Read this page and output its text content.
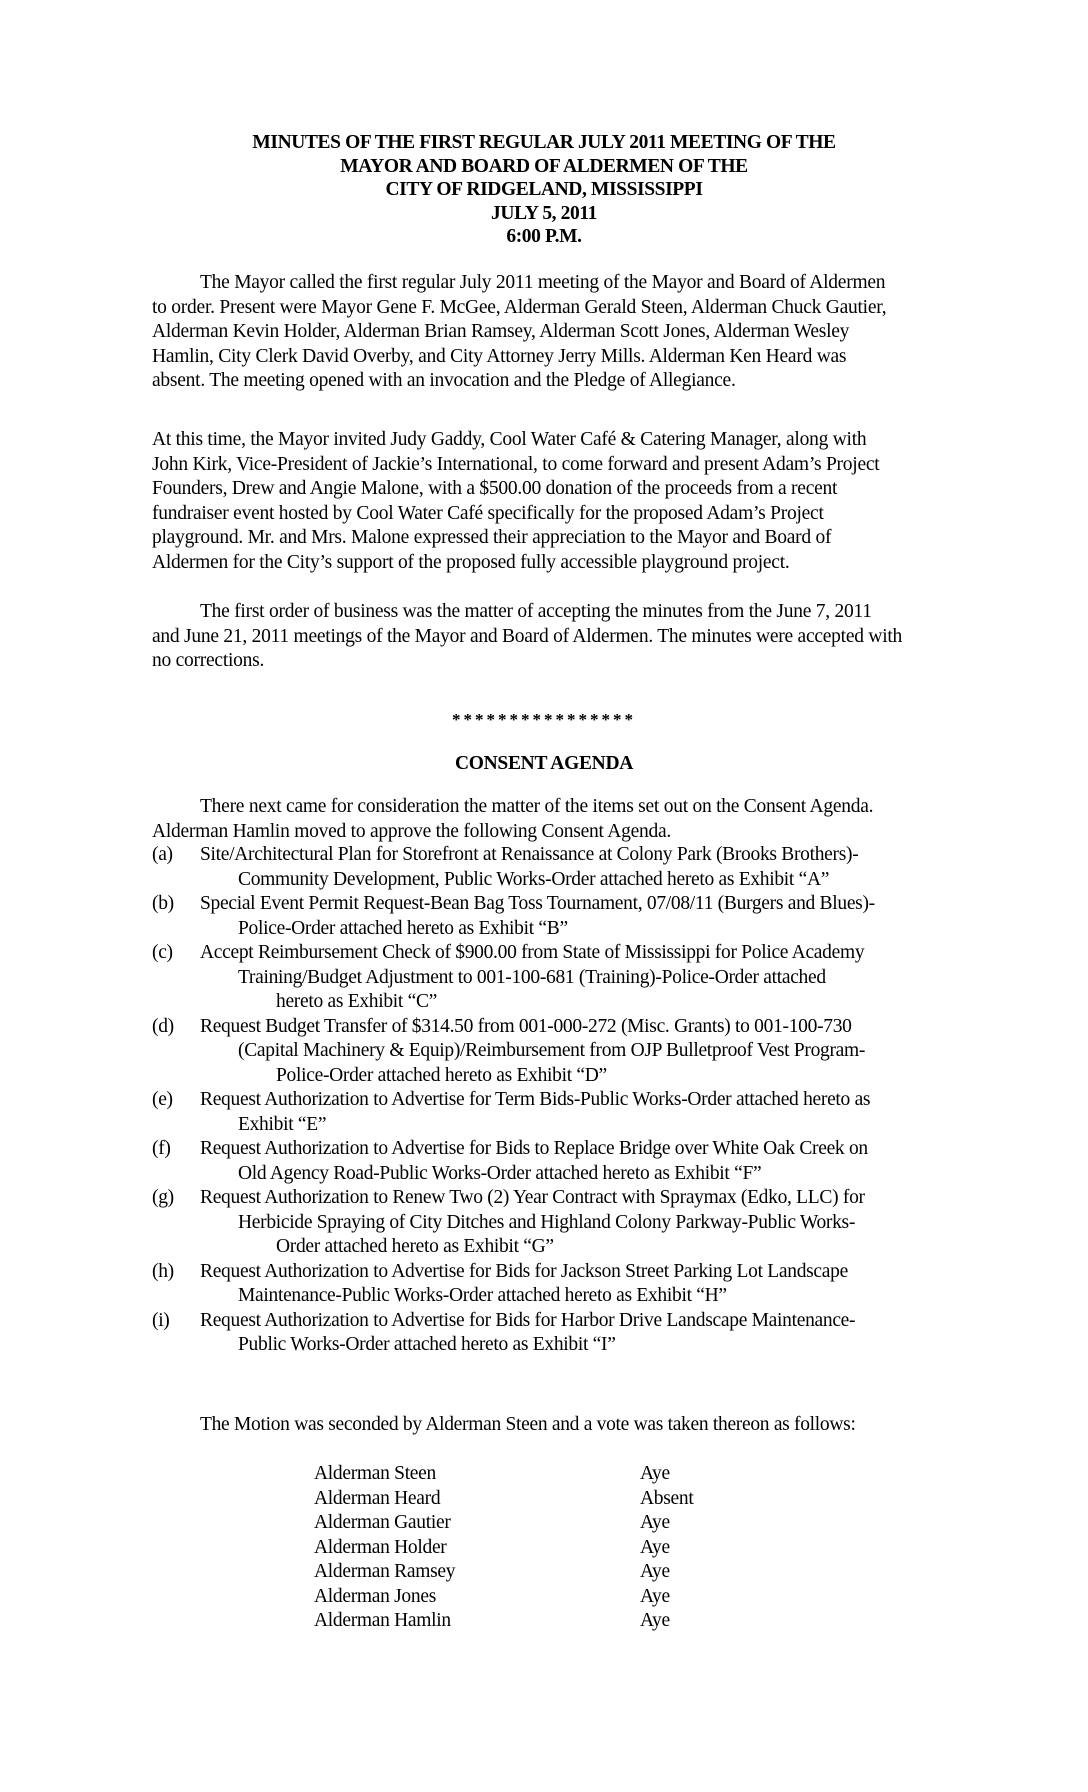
MINUTES OF THE FIRST REGULAR JULY 2011 MEETING OF THE
MAYOR AND BOARD OF ALDERMEN OF THE
CITY OF RIDGELAND, MISSISSIPPI
JULY 5, 2011
6:00 P.M.
The Mayor called the first regular July 2011 meeting of the Mayor and Board of Aldermen
to order. Present were Mayor Gene F. McGee, Alderman Gerald Steen, Alderman Chuck Gautier,
Alderman Kevin Holder, Alderman Brian Ramsey, Alderman Scott Jones, Alderman Wesley
Hamlin, City Clerk David Overby, and City Attorney Jerry Mills. Alderman Ken Heard was
absent. The meeting opened with an invocation and the Pledge of Allegiance.
At this time, the Mayor invited Judy Gaddy, Cool Water Café & Catering Manager, along with
John Kirk, Vice-President of Jackie’s International, to come forward and present Adam’s Project
Founders, Drew and Angie Malone, with a $500.00 donation of the proceeds from a recent
fundraiser event hosted by Cool Water Café specifically for the proposed Adam’s Project
playground. Mr. and Mrs. Malone expressed their appreciation to the Mayor and Board of
Aldermen for the City’s support of the proposed fully accessible playground project.
The first order of business was the matter of accepting the minutes from the June 7, 2011
and June 21, 2011 meetings of the Mayor and Board of Aldermen. The minutes were accepted with
no corrections.
****************
CONSENT AGENDA
There next came for consideration the matter of the items set out on the Consent Agenda.
Alderman Hamlin moved to approve the following Consent Agenda.
(a) Site/Architectural Plan for Storefront at Renaissance at Colony Park (Brooks Brothers)-
Community Development, Public Works-Order attached hereto as Exhibit “A”
(b) Special Event Permit Request-Bean Bag Toss Tournament, 07/08/11 (Burgers and Blues)-
Police-Order attached hereto as Exhibit “B”
(c) Accept Reimbursement Check of $900.00 from State of Mississippi for Police Academy
Training/Budget Adjustment to 001-100-681 (Training)-Police-Order attached
hereto as Exhibit “C”
(d) Request Budget Transfer of $314.50 from 001-000-272 (Misc. Grants) to 001-100-730
(Capital Machinery & Equip)/Reimbursement from OJP Bulletproof Vest Program-
Police-Order attached hereto as Exhibit “D”
(e) Request Authorization to Advertise for Term Bids-Public Works-Order attached hereto as
Exhibit “E”
(f) Request Authorization to Advertise for Bids to Replace Bridge over White Oak Creek on
Old Agency Road-Public Works-Order attached hereto as Exhibit “F”
(g) Request Authorization to Renew Two (2) Year Contract with Spraymax (Edko, LLC) for
Herbicide Spraying of City Ditches and Highland Colony Parkway-Public Works-
Order attached hereto as Exhibit “G”
(h) Request Authorization to Advertise for Bids for Jackson Street Parking Lot Landscape
Maintenance-Public Works-Order attached hereto as Exhibit “H”
(i) Request Authorization to Advertise for Bids for Harbor Drive Landscape Maintenance-
Public Works-Order attached hereto as Exhibit “I”
The Motion was seconded by Alderman Steen and a vote was taken thereon as follows:
Alderman Steen	Aye
Alderman Heard	Absent
Alderman Gautier	Aye
Alderman Holder	Aye
Alderman Ramsey	Aye
Alderman Jones	Aye
Alderman Hamlin	Aye
